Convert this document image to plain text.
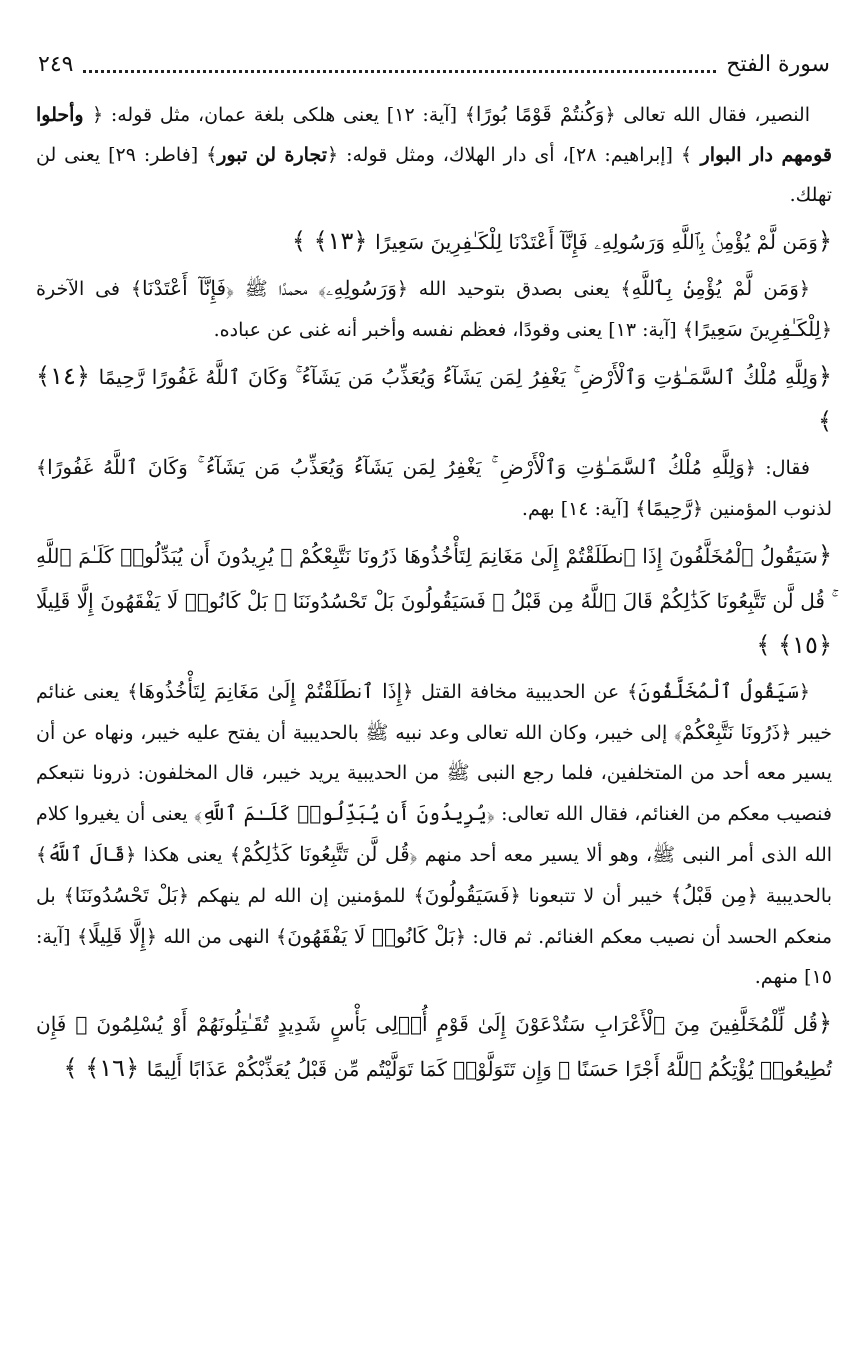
سورة الفتح
٢٤٩

النصير، فقال الله تعالى ﴿وَكُنتُمْ قَوْمًا بُورًا﴾ [آية: ١٢] يعنى هلكى بلغة عمان، مثل قوله: ﴿ وأحلوا قومهم دار البوار ﴾ [إبراهيم: ٢٨]، أى دار الهلاك، ومثل قوله: ﴿تجارة لن تبور﴾ [فاطر: ٢٩] يعنى لن تهلك.

﴿وَمَن لَّمْ يُؤْمِنۢ بِٱللَّهِ وَرَسُولِهِۦ فَإِنَّآ أَعْتَدْنَا لِلْكَـٰفِرِينَ سَعِيرًا ﴿١٣﴾ ﴾

﴿وَمَن لَّمْ يُؤْمِنۢ بِٱللَّهِ﴾ يعنى بصدق بتوحيد الله ﴿وَرَسُولِهِۦ﴾ محمدًا ﷺ ﴿فَإِنَّآ أَعْتَدْنَا﴾ فى الآخرة ﴿لِلْكَـٰفِرِينَ سَعِيرًا﴾ [آية: ١٣] يعنى وقودًا، فعظم نفسه وأخبر أنه غنى عن عباده.

﴿وَلِلَّهِ مُلْكُ ٱلسَّمَـٰوَٰتِ وَٱلْأَرْضِ ۚ يَغْفِرُ لِمَن يَشَآءُ وَيُعَذِّبُ مَن يَشَآءُ ۚ وَكَانَ ٱللَّهُ غَفُورًا رَّحِيمًا ﴿١٤﴾ ﴾

فقال: ﴿وَلِلَّهِ مُلْكُ ٱلسَّمَـٰوَٰتِ وَٱلْأَرْضِ ۚ يَغْفِرُ لِمَن يَشَآءُ وَيُعَذِّبُ مَن يَشَآءُ ۚ وَكَانَ ٱللَّهُ غَفُورًا﴾ لذنوب المؤمنين ﴿رَّحِيمًا﴾ [آية: ١٤] بهم.

﴿سَيَقُولُ ٱلْمُخَلَّفُونَ إِذَا ٱنطَلَقْتُمْ إِلَىٰ مَغَانِمَ لِتَأْخُذُوهَا ذَرُونَا نَتَّبِعْكُمْ ۖ يُرِيدُونَ أَن يُبَدِّلُوا۟ كَلَـٰمَ ٱللَّهِ ۚ قُل لَّن تَتَّبِعُونَا كَذَٰلِكُمْ قَالَ ٱللَّهُ مِن قَبْلُ ۖ فَسَيَقُولُونَ بَلْ تَحْسُدُونَنَا ۚ بَلْ كَانُوا۟ لَا يَفْقَهُونَ إِلَّا قَلِيلًا ﴿١٥﴾ ﴾

﴿سَيَقُولُ ٱلْمُخَلَّفُونَ﴾ عن الحديبية مخافة القتل ﴿إِذَا ٱنطَلَقْتُمْ إِلَىٰ مَغَانِمَ لِتَأْخُذُوهَا﴾ يعنى غنائم خيبر ﴿ذَرُونَا نَتَّبِعْكُمْ﴾ إلى خيبر، وكان الله تعالى وعد نبيه ﷺ بالحديبية أن يفتح عليه خيبر، ونهاه عن أن يسير معه أحد من المتخلفين، فلما رجع النبى ﷺ من الحديبية يريد خيبر، قال المخلفون: ذرونا نتبعكم فنصيب معكم من الغنائم، فقال الله تعالى: ﴿يُرِيدُونَ أَن يُبَدِّلُوا۟ كَلَـٰمَ ٱللَّهِ﴾ يعنى أن يغيروا كلام الله الذى أمر النبى ﷺ، وهو ألا يسير معه أحد منهم ﴿قُل لَّن تَتَّبِعُونَا كَذَٰلِكُمْ﴾ يعنى هكذا ﴿قَالَ ٱللَّهُ﴾ بالحديبية ﴿مِن قَبْلُ﴾ خيبر أن لا تتبعونا ﴿فَسَيَقُولُونَ﴾ للمؤمنين إن الله لم ينهكم ﴿بَلْ تَحْسُدُونَنَا﴾ بل منعكم الحسد أن نصيب معكم الغنائم. ثم قال: ﴿بَلْ كَانُوا۟ لَا يَفْقَهُونَ﴾ النهى من الله ﴿إِلَّا قَلِيلًا﴾ [آية: ١٥] منهم.

﴿قُل لِّلْمُخَلَّفِينَ مِنَ ٱلْأَعْرَابِ سَتُدْعَوْنَ إِلَىٰ قَوْمٍ أُو۟لِى بَأْسٍ شَدِيدٍ تُقَـٰتِلُونَهُمْ أَوْ يُسْلِمُونَ ۖ فَإِن تُطِيعُوا۟ يُؤْتِكُمُ ٱللَّهُ أَجْرًا حَسَنًا ۖ وَإِن تَتَوَلَّوْا۟ كَمَا تَوَلَّيْتُم مِّن قَبْلُ يُعَذِّبْكُمْ عَذَابًا أَلِيمًا ﴿١٦﴾ ﴾
